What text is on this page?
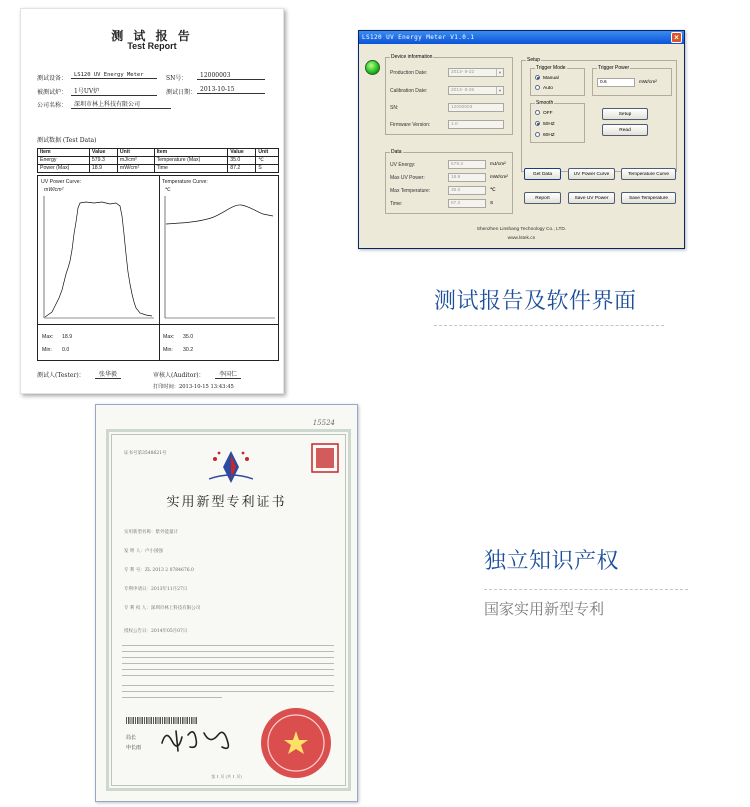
测 试 报 告
Test Report
测试设备：	LS120 UV Energy Meter	SN号：	12000003
被测试炉：	1号UV炉	测试日期： 2013-10-15
公司名称：	深圳市林上科技有限公司
测试数据 (Test Data)
Item	Value	Unit	Item	Value	Unit
Energy	579.3	mJ/cm²	Temperature (Max)	35.0	℃
Power (Max)	18.9	mW/cm²	Time	87.2	S
UV Power Curve:
mW/cm²
Temperature Curve:
℃
Max: 18.9
Min: 0.0
Max: 35.0
Min: 30.2
测试人(Tester)：	张华毅	审核人(Auditor)：	李国仁
打印时间：2013-10-15 13:43:45
LS120 UV Energy Meter V1.0.1	×
Device information
Production Date:	2013- 9-22	▼
Calibration Date:	2013- 9-25	▼
SN:	12000003
Firmware Version:	1.0
Data
UV Energy:	579.3	mJ/cm²
Max UV Power:	18.9	mW/cm²
Max Temperature:	35.0	℃
Time:	87.2	S
Setup
Trigger Mode
Manual
Auto
Trigger Power
0.6	mW/cm²
Smooth
OFF
50HZ
60HZ
Setup
Read
Get Data	UV Power Curve	Temperature Curve
Report	Save UV Power	Save Temperature
Shenzhen Linshang Technology Co., LTD.
www.lstek.cn
测试报告及软件界面
独立知识产权
国家实用新型专利
15524
证书号第3548621号
实用新型专利证书
实用新型名称：紫外能量计
发 明 人：卢小国强
专 利 号：ZL 2013 2 0784676.0
专利申请日：2013年11月27日
专 利 权 人：深圳市林上科技有限公司
授权公告日：2014年05月07日
局长
申长雨
第 1 页 (共 1 页)
